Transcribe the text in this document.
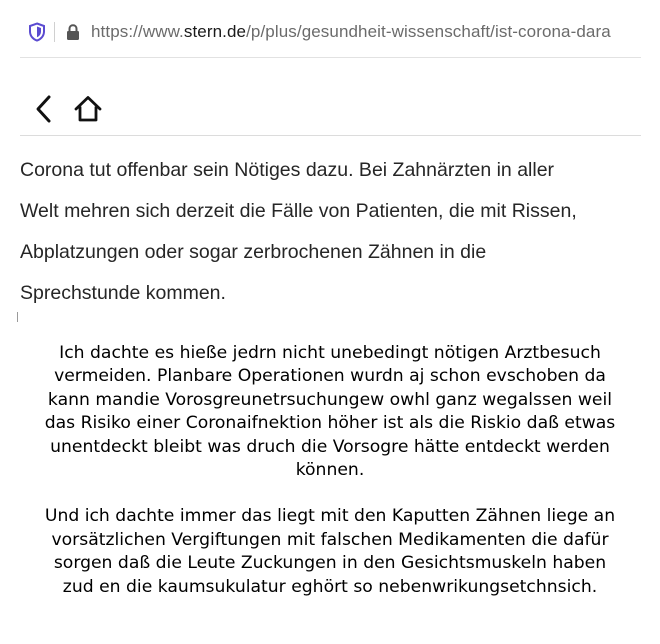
https://www.stern.de/p/plus/gesundheit-wissenschaft/ist-corona-dara
Corona tut offenbar sein Nötiges dazu. Bei Zahnärzten in aller
Welt mehren sich derzeit die Fälle von Patienten, die mit Rissen,
Abplatzungen oder sogar zerbrochenen Zähnen in die
Sprechstunde kommen.

Ich dachte es hieße jedrn nicht unebedingt nötigen Arztbesuch
vermeiden. Planbare Operationen wurdn aj schon evschoben da
kann mandie Vorosgreunetrsuchungew owhl ganz wegalssen weil
das Risiko einer Coronaifnektion höher ist als die Riskio daß etwas
unentdeckt bleibt was druch die Vorsogre hätte entdeckt werden
können.

Und ich dachte immer das liegt mit den Kaputten Zähnen liege an
vorsätzlichen Vergiftungen mit falschen Medikamenten die dafür
sorgen daß die Leute Zuckungen in den Gesichtsmuskeln haben
zud en die kaumsukulatur eghört so nebenwrikungsetchnsich.
